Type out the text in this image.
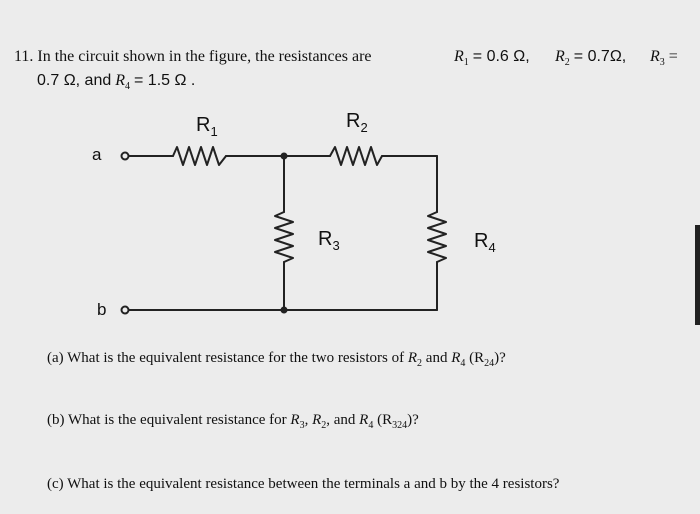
11. In the circuit shown in the figure, the resistances are	$R_1 = 0.6$ Ω, $R_2 = 0.7\Omega$, $R_3$ =
0.7 Ω, and $R_4 = 1.5$ Ω .
$R_1$	$R_2$
$R_3$	$R_4$
a
b
(a) What is the equivalent resistance for the two resistors of $R_2$ and $R_4$ $(R_{24})$?
(b) What is the equivalent resistance for $R_3$, $R_2$, and $R_4$ $(R_{324})$?
(c) What is the equivalent resistance between the terminals a and b by the 4 resistors?
